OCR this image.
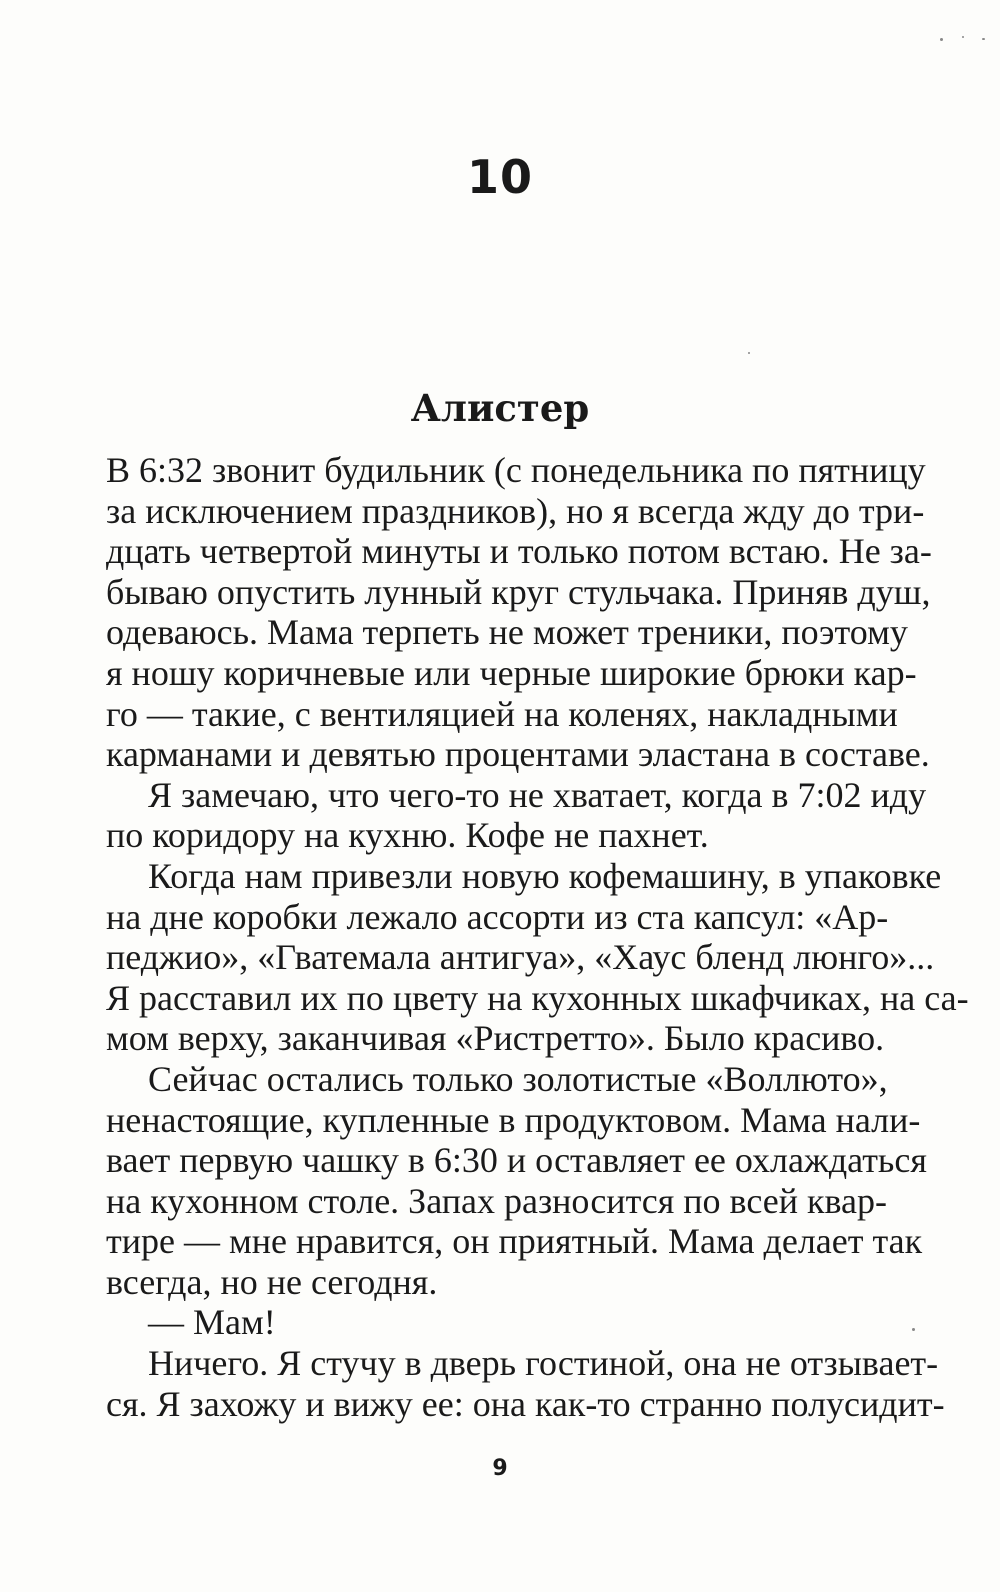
10
Алистер
В 6:32 звонит будильник (с понедельника по пятницу
за исключением праздников), но я всегда жду до три-
дцать четвертой минуты и только потом встаю. Не за-
бываю опустить лунный круг стульчака. Приняв душ,
одеваюсь. Мама терпеть не может треники, поэтому
я ношу коричневые или черные широкие брюки кар-
го — такие, с вентиляцией на коленях, накладными
карманами и девятью процентами эластана в составе.
Я замечаю, что чего-то не хватает, когда в 7:02 иду
по коридору на кухню. Кофе не пахнет.
Когда нам привезли новую кофемашину, в упаковке
на дне коробки лежало ассорти из ста капсул: «Ар-
педжио», «Гватемала антигуа», «Хаус бленд люнго»...
Я расставил их по цвету на кухонных шкафчиках, на са-
мом верху, заканчивая «Ристретто». Было красиво.
Сейчас остались только золотистые «Воллюто»,
ненастоящие, купленные в продуктовом. Мама нали-
вает первую чашку в 6:30 и оставляет ее охлаждаться
на кухонном столе. Запах разносится по всей квар-
тире — мне нравится, он приятный. Мама делает так
всегда, но не сегодня.
— Мам!
Ничего. Я стучу в дверь гостиной, она не отзывает-
ся. Я захожу и вижу ее: она как-то странно полусидит-
9
